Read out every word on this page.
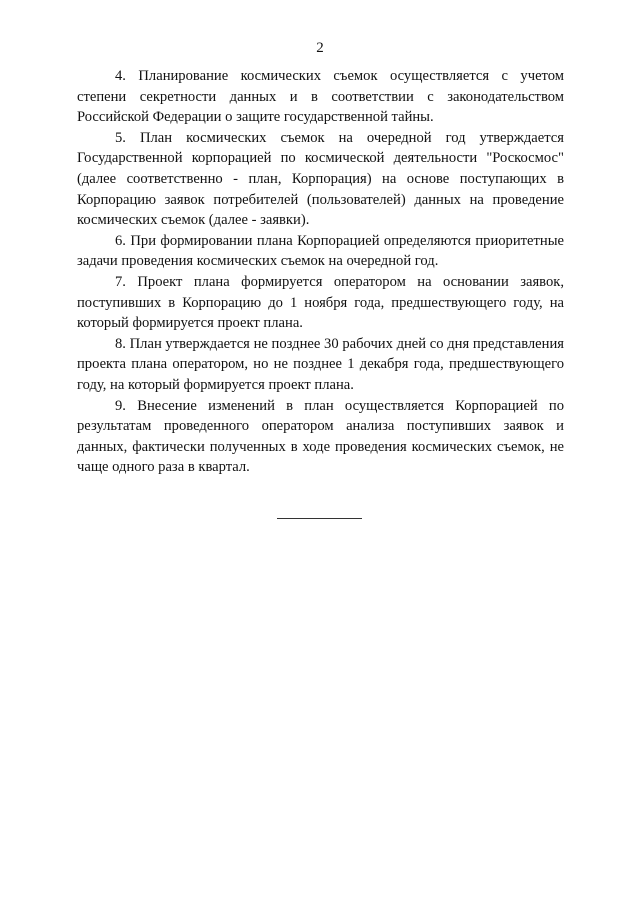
2

4. Планирование космических съемок осуществляется с учетом степени секретности данных и в соответствии с законодательством Российской Федерации о защите государственной тайны.

5. План космических съемок на очередной год утверждается Государственной корпорацией по космической деятельности "Роскосмос" (далее соответственно - план, Корпорация) на основе поступающих в Корпорацию заявок потребителей (пользователей) данных на проведение космических съемок (далее - заявки).

6. При формировании плана Корпорацией определяются приоритетные задачи проведения космических съемок на очередной год.

7. Проект плана формируется оператором на основании заявок, поступивших в Корпорацию до 1 ноября года, предшествующего году, на который формируется проект плана.

8. План утверждается не позднее 30 рабочих дней со дня представления проекта плана оператором, но не позднее 1 декабря года, предшествующего году, на который формируется проект плана.

9. Внесение изменений в план осуществляется Корпорацией по результатам проведенного оператором анализа поступивших заявок и данных, фактически полученных в ходе проведения космических съемок, не чаще одного раза в квартал.
